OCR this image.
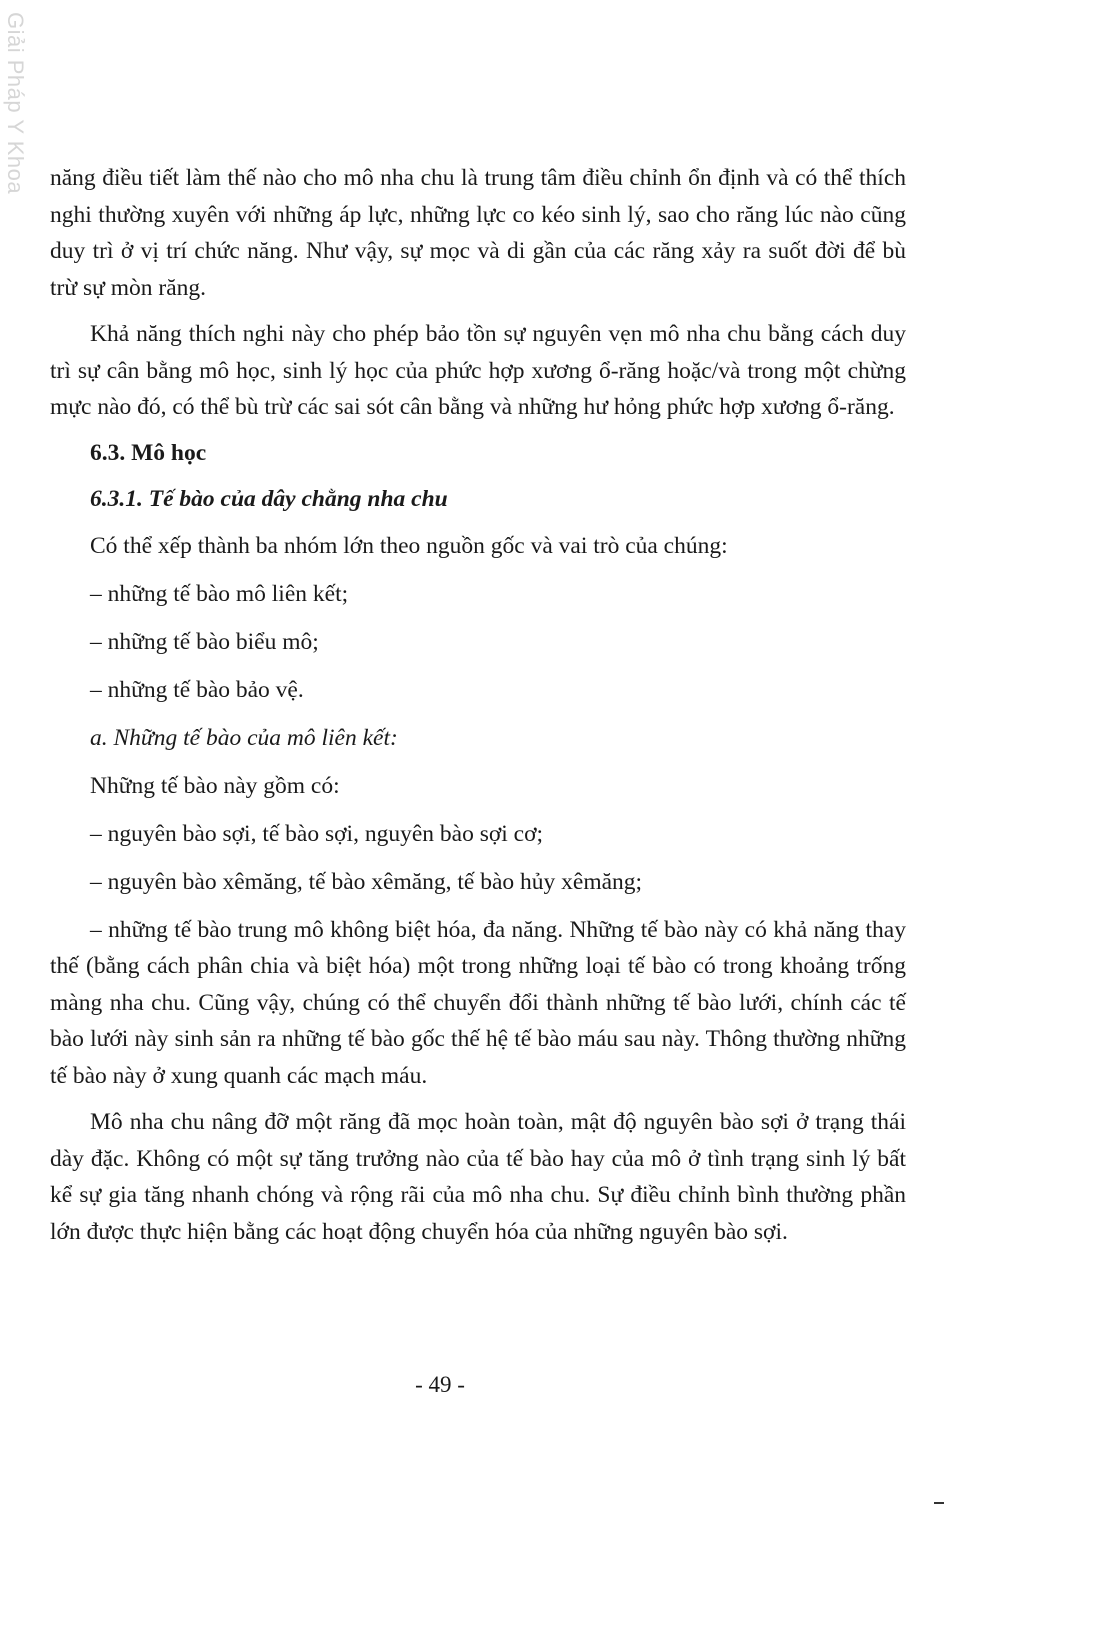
Giải Pháp Y Khoa năng điều tiết làm thế nào cho mô nha chu là trung tâm điều chỉnh ổn định và có thể thích nghi thường xuyên với những áp lực, những lực co kéo sinh lý, sao cho răng lúc nào cũng duy trì ở vị trí chức năng. Như vậy, sự mọc và di gần của các răng xảy ra suốt đời để bù trừ sự mòn răng.

Khả năng thích nghi này cho phép bảo tồn sự nguyên vẹn mô nha chu bằng cách duy trì sự cân bằng mô học, sinh lý học của phức hợp xương ổ-răng hoặc/và trong một chừng mực nào đó, có thể bù trừ các sai sót cân bằng và những hư hỏng phức hợp xương ổ-răng.

6.3. Mô học
6.3.1. Tế bào của dây chằng nha chu
Có thể xếp thành ba nhóm lớn theo nguồn gốc và vai trò của chúng:
– những tế bào mô liên kết;
– những tế bào biểu mô;
– những tế bào bảo vệ.
a. Những tế bào của mô liên kết:
Những tế bào này gồm có:
– nguyên bào sợi, tế bào sợi, nguyên bào sợi cơ;
– nguyên bào xêmăng, tế bào xêmăng, tế bào hủy xêmăng;

– những tế bào trung mô không biệt hóa, đa năng. Những tế bào này có khả năng thay thế (bằng cách phân chia và biệt hóa) một trong những loại tế bào có trong khoảng trống màng nha chu. Cũng vậy, chúng có thể chuyển đổi thành những tế bào lưới, chính các tế bào lưới này sinh sản ra những tế bào gốc thế hệ tế bào máu sau này. Thông thường những tế bào này ở xung quanh các mạch máu.

Mô nha chu nâng đỡ một răng đã mọc hoàn toàn, mật độ nguyên bào sợi ở trạng thái dày đặc. Không có một sự tăng trưởng nào của tế bào hay của mô ở tình trạng sinh lý bất kể sự gia tăng nhanh chóng và rộng rãi của mô nha chu. Sự điều chỉnh bình thường phần lớn được thực hiện bằng các hoạt động chuyển hóa của những nguyên bào sợi.

- 49 -
